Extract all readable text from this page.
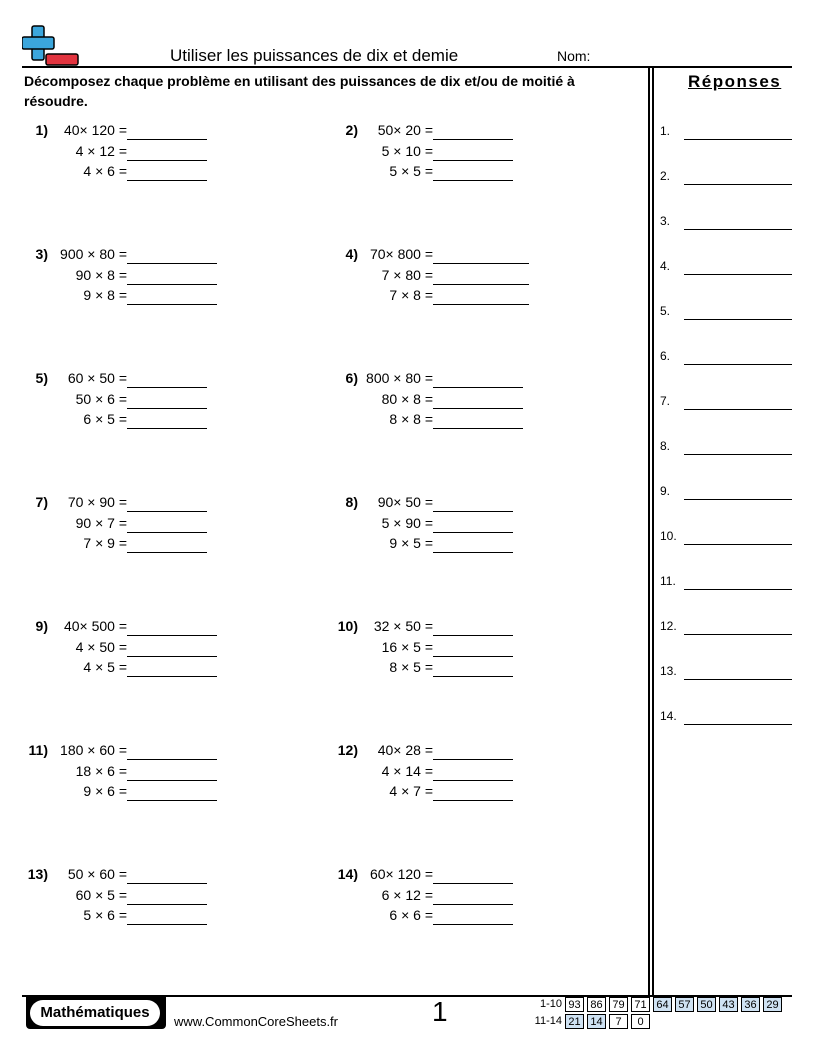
Utiliser les puissances de dix et demie	Nom:
Décomposez chaque problème en utilisant des puissances de dix et/ou de moitié à résoudre.
Réponses
1.
2.
3.
4.
5.
6.
7.
8.
9.
10.
11.
12.
13.
14.
1) 40× 120 =
4 × 12 =
4 × 6 =
2) 50× 20 =
5 × 10 =
5 × 5 =
3) 900 × 80 =
90 × 8 =
9 × 8 =
4) 70× 800 =
7 × 80 =
7 × 8 =
5) 60 × 50 =
50 × 6 =
6 × 5 =
6) 800 × 80 =
80 × 8 =
8 × 8 =
7) 70 × 90 =
90 × 7 =
7 × 9 =
8) 90× 50 =
5 × 90 =
9 × 5 =
9) 40× 500 =
4 × 50 =
4 × 5 =
10) 32 × 50 =
16 × 5 =
8 × 5 =
11) 180 × 60 =
18 × 6 =
9 × 6 =
12) 40× 28 =
4 × 14 =
4 × 7 =
13) 50 × 60 =
60 × 5 =
5 × 6 =
14) 60× 120 =
6 × 12 =
6 × 6 =
Mathématiques
www.CommonCoreSheets.fr	1	1-10 93 86 79 71 64 57 50 43 36 29
11-14 21 14	7	0
